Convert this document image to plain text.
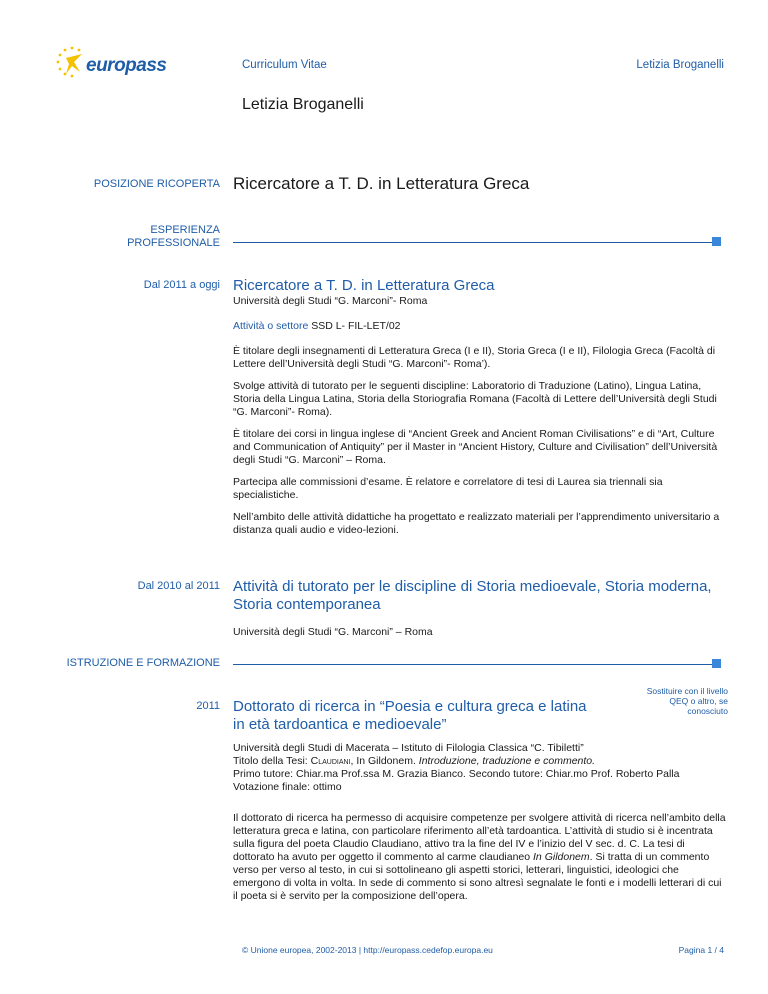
europass	Curriculum Vitae	Letizia Broganelli
Letizia Broganelli
POSIZIONE RICOPERTA Ricercatore a T. D. in Letteratura Greca
ESPERIENZA
PROFESSIONALE
Dal 2011 a oggi Ricercatore a T. D. in Letteratura Greca
Università degli Studi “G. Marconi”- Roma
Attività o settore SSD L- FIL-LET/02
È titolare degli insegnamenti di Letteratura Greca (I e II), Storia Greca (I e II), Filologia Greca (Facoltà di Lettere dell’Università degli Studi “G. Marconi”- Roma’).
Svolge attività di tutorato per le seguenti discipline: Laboratorio di Traduzione (Latino), Lingua Latina, Storia della Lingua Latina, Storia della Storiografia Romana (Facoltà di Lettere dell’Università degli Studi “G. Marconi”- Roma).
È titolare dei corsi in lingua inglese di “Ancient Greek and Ancient Roman Civilisations” e di “Art, Culture and Communication of Antiquity” per il Master in “Ancient History, Culture and Civilisation” dell’Università degli Studi “G. Marconi” – Roma.
Partecipa alle commissioni d’esame. È relatore e correlatore di tesi di Laurea sia triennali sia specialistiche.
Nell’ambito delle attività didattiche ha progettato e realizzato materiali per l’apprendimento universitario a distanza quali audio e video-lezioni.
Dal 2010 al 2011 Attività di tutorato per le discipline di Storia medioevale, Storia moderna, Storia contemporanea
Università degli Studi “G. Marconi” – Roma
ISTRUZIONE E FORMAZIONE
2011 Dottorato di ricerca in “Poesia e cultura greca e latina in età tardoantica e medioevale”
Sostituire con il livello QEQ o altro, se conosciuto
Università degli Studi di Macerata – Istituto di Filologia Classica “C. Tibiletti”
Titolo della Tesi: Claudiani, In Gildonem. Introduzione, traduzione e commento.
Primo tutore: Chiar.ma Prof.ssa M. Grazia Bianco. Secondo tutore: Chiar.mo Prof. Roberto Palla
Votazione finale: ottimo
Il dottorato di ricerca ha permesso di acquisire competenze per svolgere attività di ricerca nell’ambito della letteratura greca e latina, con particolare riferimento all’età tardoantica. L’attività di studio si è incentrata sulla figura del poeta Claudio Claudiano, attivo tra la fine del IV e l’inizio del V sec. d. C. La tesi di dottorato ha avuto per oggetto il commento al carme claudianeo In Gildonem. Si tratta di un commento verso per verso al testo, in cui si sottolineano gli aspetti storici, letterari, linguistici, ideologici che emergono di volta in volta. In sede di commento si sono altresì segnalate le fonti e i modelli letterari di cui il poeta si è servito per la composizione dell’opera.
© Unione europea, 2002-2013 | http://europass.cedefop.europa.eu	Pagina 1 / 4
